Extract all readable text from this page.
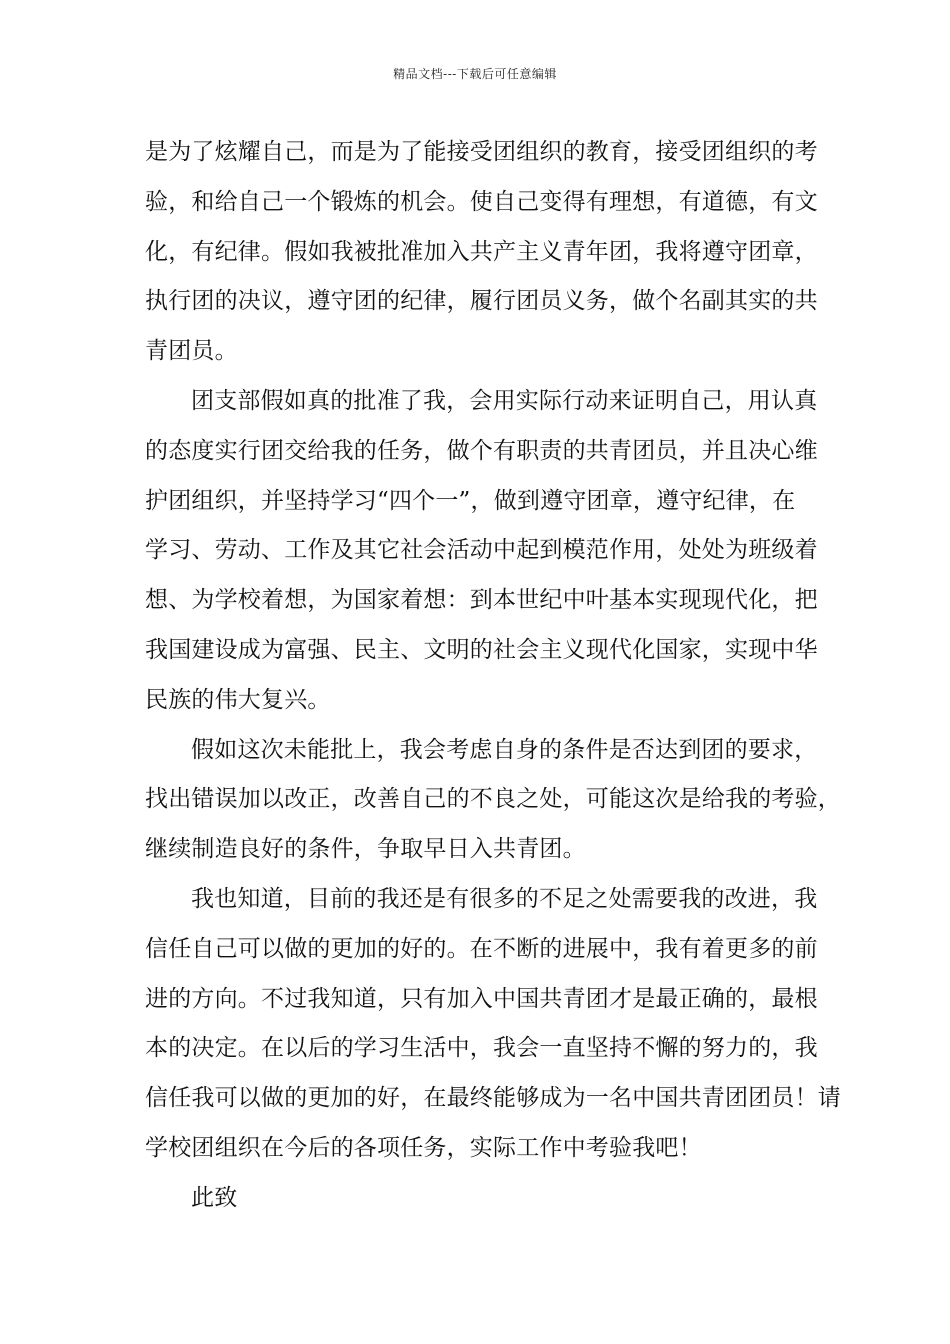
精品文档---下载后可任意编辑
是为了炫耀自己，而是为了能接受团组织的教育，接受团组织的考
验，和给自己一个锻炼的机会。使自己变得有理想，有道德，有文
化，有纪律。假如我被批准加入共产主义青年团，我将遵守团章，
执行团的决议，遵守团的纪律，履行团员义务，做个名副其实的共
青团员。
团支部假如真的批准了我，会用实际行动来证明自己，用认真
的态度实行团交给我的任务，做个有职责的共青团员，并且决心维
护团组织，并坚持学习“四个一”，做到遵守团章，遵守纪律，在
学习、劳动、工作及其它社会活动中起到模范作用，处处为班级着
想、为学校着想，为国家着想：到本世纪中叶基本实现现代化，把
我国建设成为富强、民主、文明的社会主义现代化国家，实现中华
民族的伟大复兴。
假如这次未能批上，我会考虑自身的条件是否达到团的要求，
找出错误加以改正，改善自己的不良之处，可能这次是给我的考验，
继续制造良好的条件，争取早日入共青团。
我也知道，目前的我还是有很多的不足之处需要我的改进，我
信任自己可以做的更加的好的。在不断的进展中，我有着更多的前
进的方向。不过我知道，只有加入中国共青团才是最正确的，最根
本的决定。在以后的学习生活中，我会一直坚持不懈的努力的，我
信任我可以做的更加的好，在最终能够成为一名中国共青团团员！请
学校团组织在今后的各项任务，实际工作中考验我吧！
此致
